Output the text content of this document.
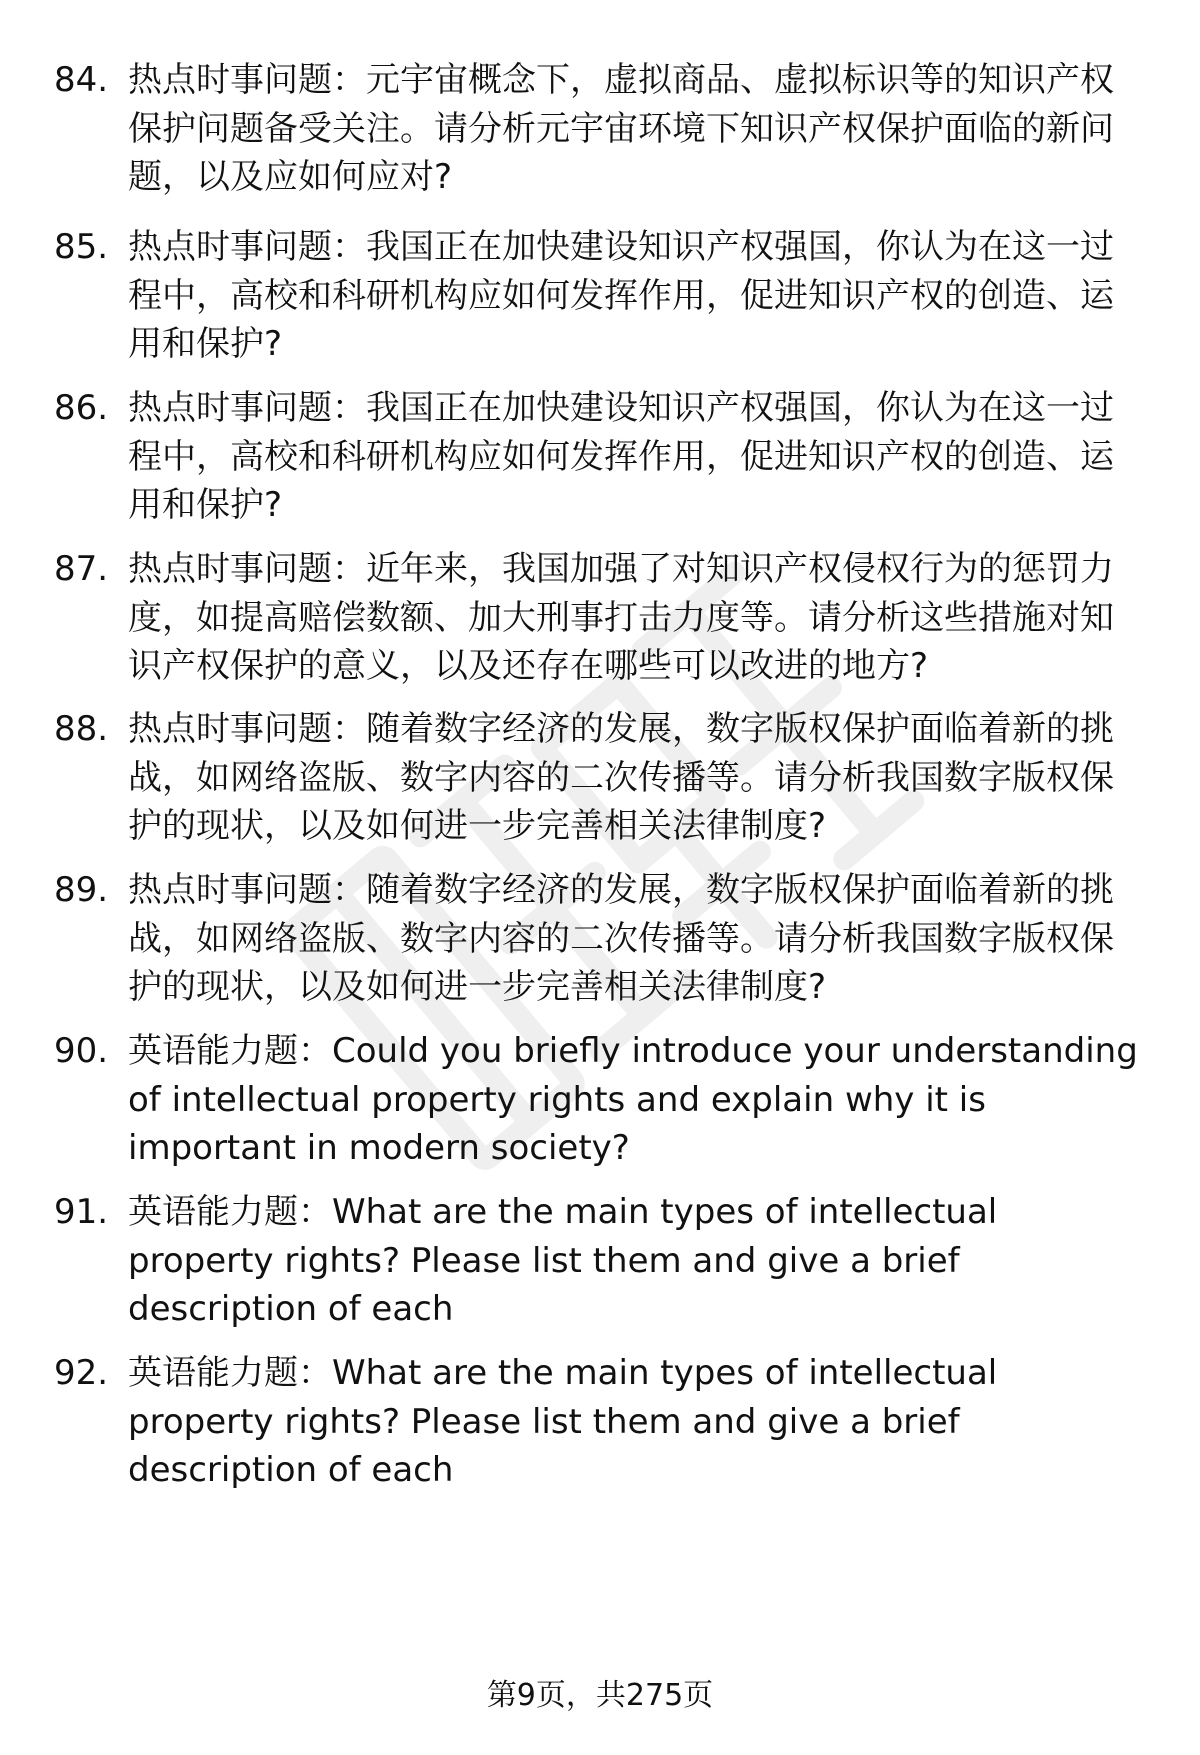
84. 热点时事问题：元宇宙概念下，虚拟商品、虚拟标识等的知识产权保护问题备受关注。请分析元宇宙环境下知识产权保护面临的新问题，以及应如何应对?

85. 热点时事问题：我国正在加快建设知识产权强国，你认为在这一过程中，高校和科研机构应如何发挥作用，促进知识产权的创造、运用和保护?

86. 热点时事问题：我国正在加快建设知识产权强国，你认为在这一过程中，高校和科研机构应如何发挥作用，促进知识产权的创造、运用和保护?

87. 热点时事问题：近年来，我国加强了对知识产权侵权行为的惩罚力度，如提高赔偿数额、加大刑事打击力度等。请分析这些措施对知识产权保护的意义，以及还存在哪些可以改进的地方?

88. 热点时事问题：随着数字经济的发展，数字版权保护面临着新的挑战，如网络盗版、数字内容的二次传播等。请分析我国数字版权保护的现状，以及如何进一步完善相关法律制度?

89. 热点时事问题：随着数字经济的发展，数字版权保护面临着新的挑战，如网络盗版、数字内容的二次传播等。请分析我国数字版权保护的现状，以及如何进一步完善相关法律制度?

90. 英语能力题：Could you briefly introduce your understanding of intellectual property rights and explain why it is important in modern society?

91. 英语能力题：What are the main types of intellectual property rights? Please list them and give a brief description of each

92. 英语能力题：What are the main types of intellectual property rights? Please list them and give a brief description of each

第9页，共275页
